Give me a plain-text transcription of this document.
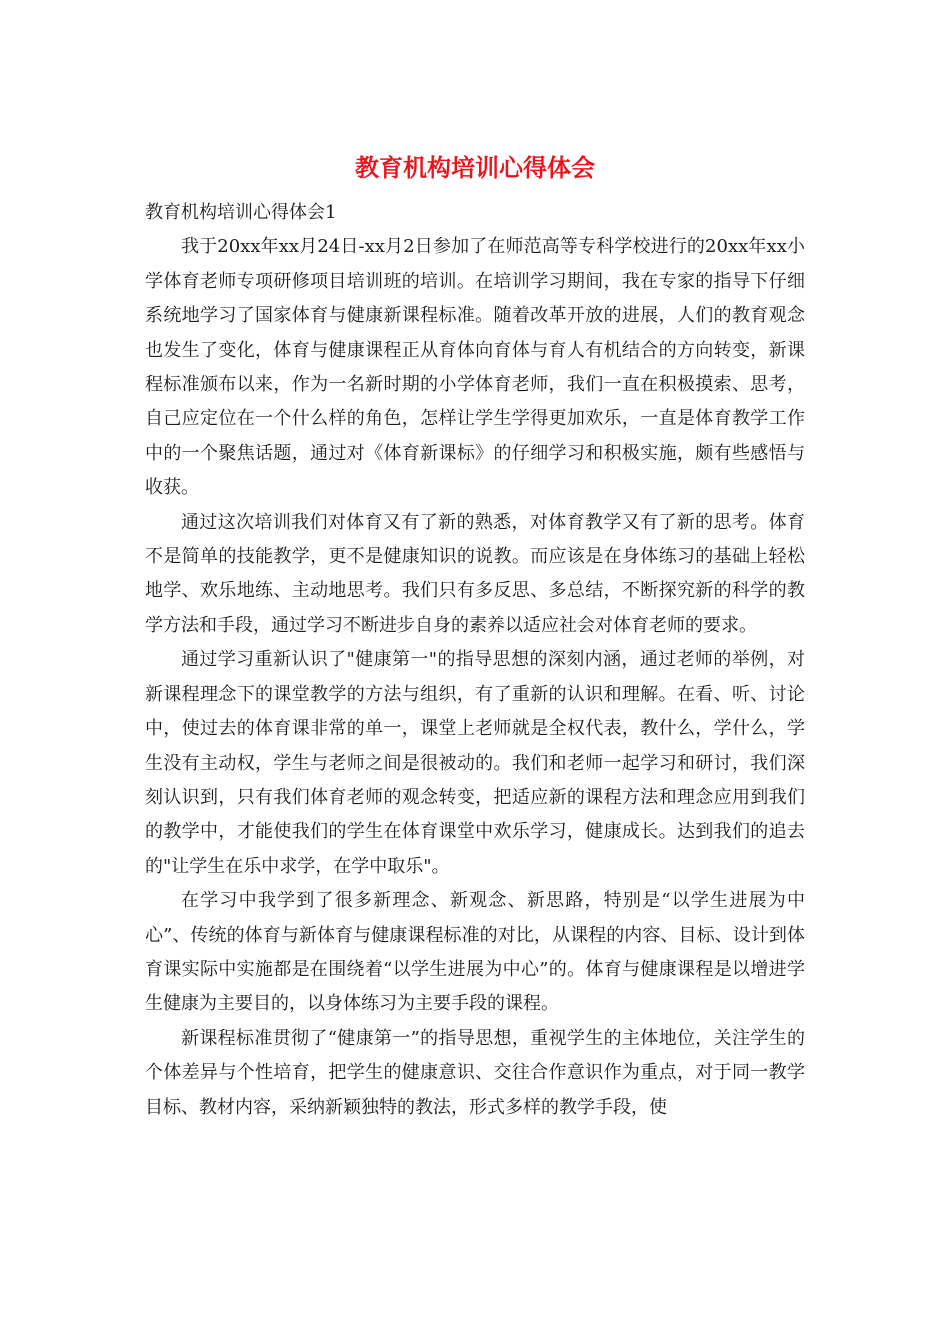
教育机构培训心得体会

教育机构培训心得体会1

我于20xx年xx月24日-xx月2日参加了在师范高等专科学校进行的20xx年xx小学体育老师专项研修项目培训班的培训。在培训学习期间，我在专家的指导下仔细系统地学习了国家体育与健康新课程标准。随着改革开放的进展，人们的教育观念也发生了变化，体育与健康课程正从育体向育体与育人有机结合的方向转变，新课程标准颁布以来，作为一名新时期的小学体育老师，我们一直在积极摸索、思考，自己应定位在一个什么样的角色，怎样让学生学得更加欢乐，一直是体育教学工作中的一个聚焦话题，通过对《体育新课标》的仔细学习和积极实施，颇有些感悟与收获。

通过这次培训我们对体育又有了新的熟悉，对体育教学又有了新的思考。体育不是简单的技能教学，更不是健康知识的说教。而应该是在身体练习的基础上轻松地学、欢乐地练、主动地思考。我们只有多反思、多总结，不断探究新的科学的教学方法和手段，通过学习不断进步自身的素养以适应社会对体育老师的要求。

通过学习重新认识了"健康第一"的指导思想的深刻内涵，通过老师的举例，对新课程理念下的课堂教学的方法与组织，有了重新的认识和理解。在看、听、讨论中，使过去的体育课非常的单一，课堂上老师就是全权代表，教什么，学什么，学生没有主动权，学生与老师之间是很被动的。我们和老师一起学习和研讨，我们深刻认识到，只有我们体育老师的观念转变，把适应新的课程方法和理念应用到我们的教学中，才能使我们的学生在体育课堂中欢乐学习，健康成长。达到我们的追去的"让学生在乐中求学，在学中取乐"。

在学习中我学到了很多新理念、新观念、新思路，特别是“以学生进展为中心”、传统的体育与新体育与健康课程标准的对比，从课程的内容、目标、设计到体育课实际中实施都是在围绕着“以学生进展为中心”的。体育与健康课程是以增进学生健康为主要目的，以身体练习为主要手段的课程。

新课程标准贯彻了“健康第一”的指导思想，重视学生的主体地位，关注学生的个体差异与个性培育，把学生的健康意识、交往合作意识作为重点，对于同一教学目标、教材内容，采纳新颖独特的教法，形式多样的教学手段，使
